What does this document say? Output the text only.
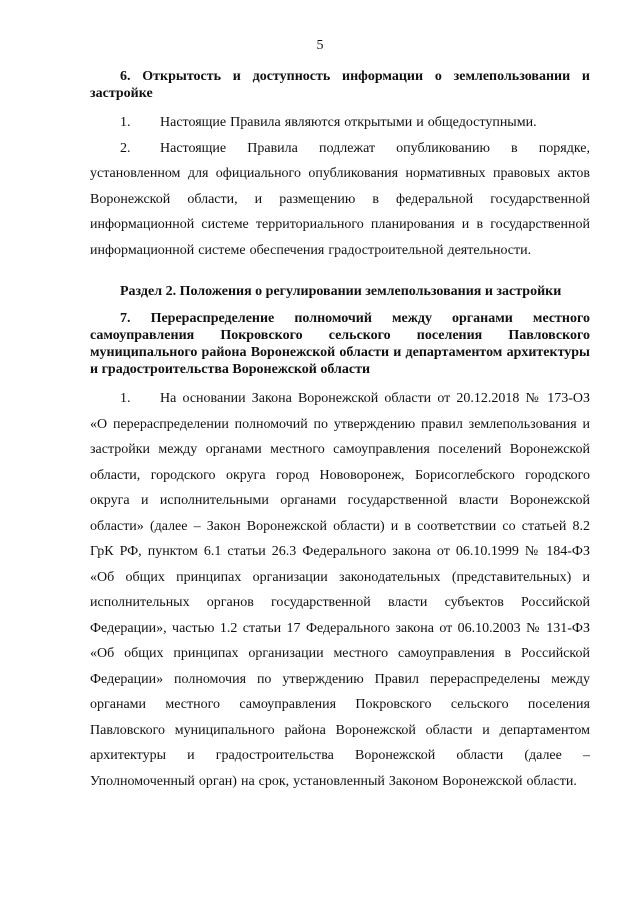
5

6. Открытость и доступность информации о землепользовании и застройке

1. Настоящие Правила являются открытыми и общедоступными.

2. Настоящие Правила подлежат опубликованию в порядке, установленном для официального опубликования нормативных правовых актов Воронежской области, и размещению в федеральной государственной информационной системе территориального планирования и в государственной информационной системе обеспечения градостроительной деятельности.

Раздел 2. Положения о регулировании землепользования и застройки

7. Перераспределение полномочий между органами местного самоуправления Покровского сельского поселения Павловского муниципального района Воронежской области и департаментом архитектуры и градостроительства Воронежской области

1. На основании Закона Воронежской области от 20.12.2018 № 173-ОЗ «О перераспределении полномочий по утверждению правил землепользования и застройки между органами местного самоуправления поселений Воронежской области, городского округа город Нововоронеж, Борисоглебского городского округа и исполнительными органами государственной власти Воронежской области» (далее – Закон Воронежской области) и в соответствии со статьей 8.2 ГрК РФ, пунктом 6.1 статьи 26.3 Федерального закона от 06.10.1999 № 184-ФЗ «Об общих принципах организации законодательных (представительных) и исполнительных органов государственной власти субъектов Российской Федерации», частью 1.2 статьи 17 Федерального закона от 06.10.2003 № 131-ФЗ «Об общих принципах организации местного самоуправления в Российской Федерации» полномочия по утверждению Правил перераспределены между органами местного самоуправления Покровского сельского поселения Павловского муниципального района Воронежской области и департаментом архитектуры и градостроительства Воронежской области (далее – Уполномоченный орган) на срок, установленный Законом Воронежской области.
